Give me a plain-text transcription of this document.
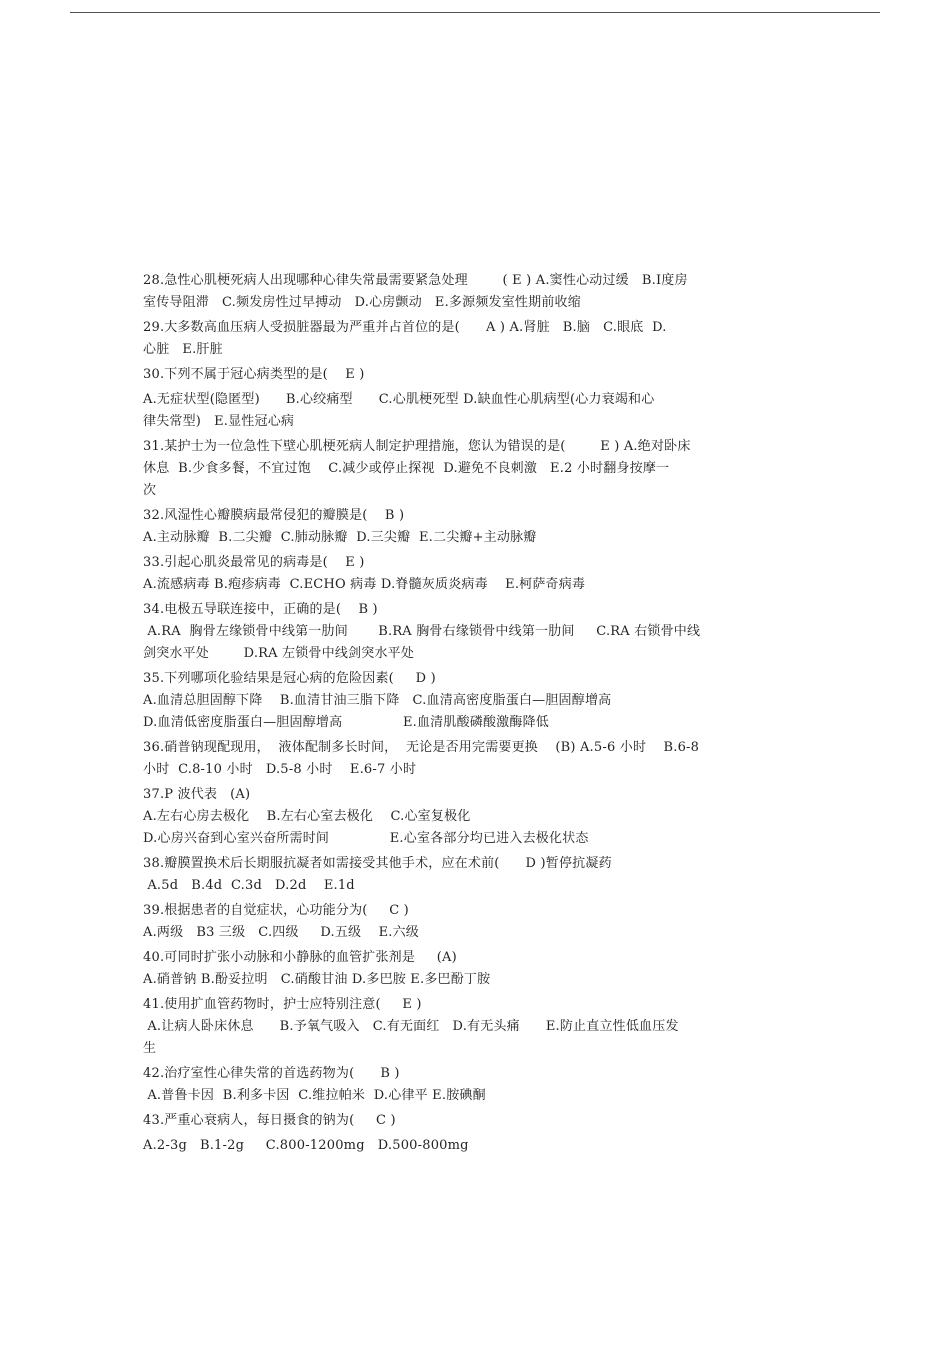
28.急性心肌梗死病人出现哪种心律失常最需要紧急处理        ( E ) A.窦性心动过缓   B.Ⅰ度房
室传导阻滞   C.频发房性过早搏动   D.心房颤动   E.多源频发室性期前收缩
29.大多数高血压病人受损脏器最为严重并占首位的是(      A ) A.肾脏   B.脑   C.眼底  D.
心脏   E.肝脏
30.下列不属于冠心病类型的是(    E )
A.无症状型(隐匿型)      B.心绞痛型      C.心肌梗死型 D.缺血性心肌病型(心力衰竭和心
律失常型)   E.显性冠心病
31.某护士为一位急性下壁心肌梗死病人制定护理措施，您认为错误的是(        E ) A.绝对卧床
休息  B.少食多餐，不宜过饱    C.减少或停止探视  D.避免不良刺激   E.2 小时翻身按摩一
次
32.风湿性心瓣膜病最常侵犯的瓣膜是(    B )
A.主动脉瓣  B.二尖瓣  C.肺动脉瓣  D.三尖瓣  E.二尖瓣+主动脉瓣
33.引起心肌炎最常见的病毒是(    E )
A.流感病毒 B.疱疹病毒  C.ECHO 病毒 D.脊髓灰质炎病毒    E.柯萨奇病毒
34.电极五导联连接中，正确的是(    B )
A.RA  胸骨左缘锁骨中线第一肋间       B.RA 胸骨右缘锁骨中线第一肋间     C.RA 右锁骨中线
剑突水平处        D.RA 左锁骨中线剑突水平处
35.下列哪项化验结果是冠心病的危险因素(     D )
A.血清总胆固醇下降    B.血清甘油三脂下降   C.血清高密度脂蛋白—胆固醇增高
D.血清低密度脂蛋白—胆固醇增高              E.血清肌酸磷酸激酶降低
36.硝普钠现配现用，  液体配制多长时间，  无论是否用完需要更换    (B) A.5-6 小时    B.6-8
小时  C.8-10 小时   D.5-8 小时    E.6-7 小时
37.P 波代表   (A)
A.左右心房去极化    B.左右心室去极化    C.心室复极化
D.心房兴奋到心室兴奋所需时间              E.心室各部分均已进入去极化状态
38.瓣膜置换术后长期服抗凝者如需接受其他手术，应在术前(      D )暂停抗凝药
A.5d   B.4d  C.3d   D.2d    E.1d
39.根据患者的自觉症状，心功能分为(     C )
A.两级   B3 三级   C.四级     D.五级    E.六级
40.可同时扩张小动脉和小静脉的血管扩张剂是     (A)
A.硝普钠 B.酚妥拉明   C.硝酸甘油 D.多巴胺 E.多巴酚丁胺
41.使用扩血管药物时，护士应特别注意(     E )
A.让病人卧床休息      B.予氧气吸入   C.有无面红   D.有无头痛      E.防止直立性低血压发
生
42.治疗室性心律失常的首选药物为(      B )
A.普鲁卡因  B.利多卡因  C.维拉帕米  D.心律平 E.胺碘酮
43.严重心衰病人，每日摄食的钠为(     C )
A.2-3g   B.1-2g     C.800-1200mg   D.500-800mg
